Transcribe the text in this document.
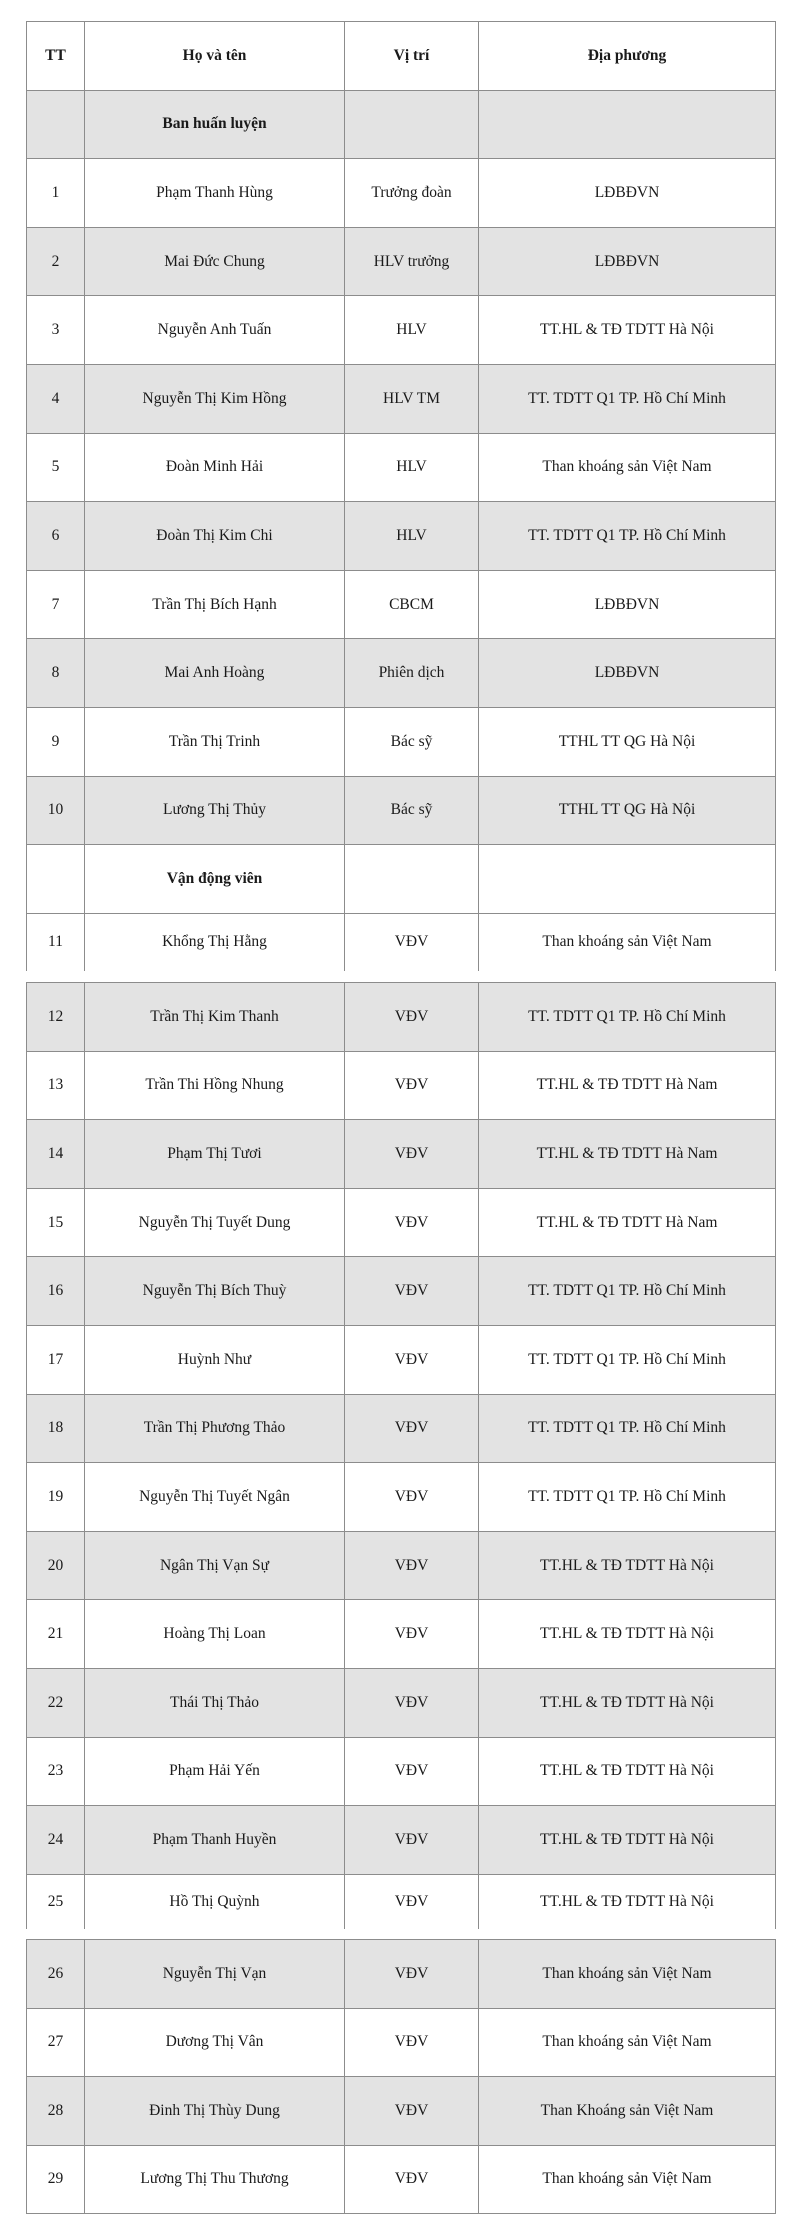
TT	Họ và tên	Vị trí	Địa phương
	Ban huấn luyện		
1	Phạm Thanh Hùng	Trưởng đoàn	LĐBĐVN
2	Mai Đức Chung	HLV trưởng	LĐBĐVN
3	Nguyễn Anh Tuấn	HLV	TT.HL & TĐ TDTT Hà Nội
4	Nguyễn Thị Kim Hồng	HLV TM	TT. TDTT Q1 TP. Hồ Chí Minh
5	Đoàn Minh Hải	HLV	Than khoáng sản Việt Nam
6	Đoàn Thị Kim Chi	HLV	TT. TDTT Q1 TP. Hồ Chí Minh
7	Trần Thị Bích Hạnh	CBCM	LĐBĐVN
8	Mai Anh Hoàng	Phiên dịch	LĐBĐVN
9	Trần Thị Trinh	Bác sỹ	TTHL TT QG Hà Nội
10	Lương Thị Thủy	Bác sỹ	TTHL TT QG Hà Nội
	Vận động viên		
11	Khổng Thị Hằng	VĐV	Than khoáng sản Việt Nam
12	Trần Thị Kim Thanh	VĐV	TT. TDTT Q1 TP. Hồ Chí Minh
13	Trần Thi Hồng Nhung	VĐV	TT.HL & TĐ TDTT Hà Nam
14	Phạm Thị Tươi	VĐV	TT.HL & TĐ TDTT Hà Nam
15	Nguyễn Thị Tuyết Dung	VĐV	TT.HL & TĐ TDTT Hà Nam
16	Nguyễn Thị Bích Thuỳ	VĐV	TT. TDTT Q1 TP. Hồ Chí Minh
17	Huỳnh Như	VĐV	TT. TDTT Q1 TP. Hồ Chí Minh
18	Trần Thị Phương Thảo	VĐV	TT. TDTT Q1 TP. Hồ Chí Minh
19	Nguyễn Thị Tuyết Ngân	VĐV	TT. TDTT Q1 TP. Hồ Chí Minh
20	Ngân Thị Vạn Sự	VĐV	TT.HL & TĐ TDTT Hà Nội
21	Hoàng Thị Loan	VĐV	TT.HL & TĐ TDTT Hà Nội
22	Thái Thị Thảo	VĐV	TT.HL & TĐ TDTT Hà Nội
23	Phạm Hải Yến	VĐV	TT.HL & TĐ TDTT Hà Nội
24	Phạm Thanh Huyền	VĐV	TT.HL & TĐ TDTT Hà Nội
25	Hồ Thị Quỳnh	VĐV	TT.HL & TĐ TDTT Hà Nội
26	Nguyễn Thị Vạn	VĐV	Than khoáng sản Việt Nam
27	Dương Thị Vân	VĐV	Than khoáng sản Việt Nam
28	Đinh Thị Thùy Dung	VĐV	Than Khoáng sản Việt Nam
29	Lương Thị Thu Thương	VĐV	Than khoáng sản Việt Nam
